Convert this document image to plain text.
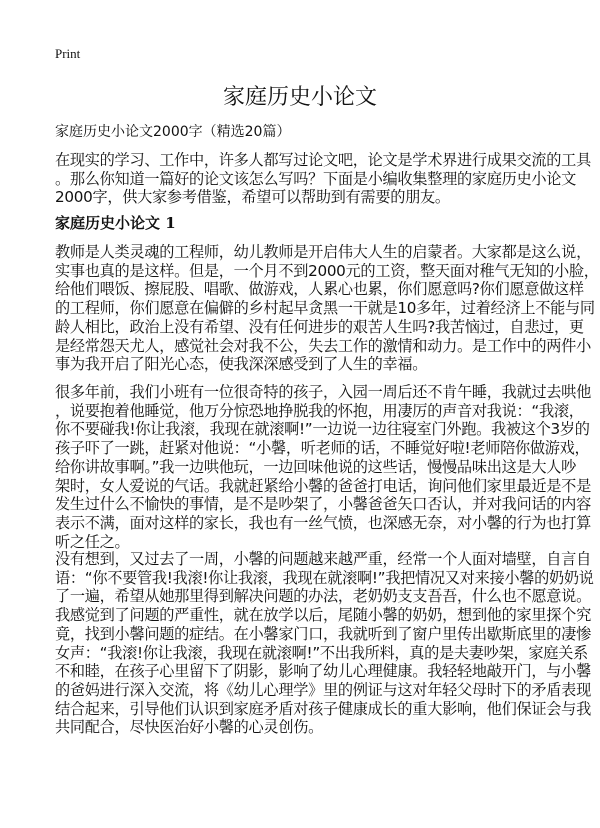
Print
家庭历史小论文
家庭历史小论文2000字（精选20篇）
在现实的学习、工作中，许多人都写过论文吧，论文是学术界进行成果交流的工具
。那么你知道一篇好的论文该怎么写吗？下面是小编收集整理的家庭历史小论文
2000字，供大家参考借鉴，希望可以帮助到有需要的朋友。
家庭历史小论文 1
教师是人类灵魂的工程师，幼儿教师是开启伟大人生的启蒙者。大家都是这么说，
实事也真的是这样。但是，一个月不到2000元的工资，整天面对稚气无知的小脸，
给他们喂饭、擦屁股、唱歌、做游戏，人累心也累，你们愿意吗?你们愿意做这样
的工程师，你们愿意在偏僻的乡村起早贪黑一干就是10多年，过着经济上不能与同
龄人相比，政治上没有希望、没有任何进步的艰苦人生吗?我苦恼过，自悲过，更
是经常怨天尤人，感觉社会对我不公，失去工作的激情和动力。是工作中的两件小
事为我开启了阳光心态，使我深深感受到了人生的幸福。
很多年前，我们小班有一位很奇特的孩子，入园一周后还不肯午睡，我就过去哄他
，说要抱着他睡觉，他万分惊恐地挣脱我的怀抱，用凄厉的声音对我说：“我滚，
你不要碰我!你让我滚，我现在就滚啊!”一边说一边往寝室门外跑。我被这个3岁的
孩子吓了一跳，赶紧对他说：“小馨，听老师的话，不睡觉好啦!老师陪你做游戏，
给你讲故事啊。”我一边哄他玩，一边回味他说的这些话，慢慢品味出这是大人吵
架时，女人爱说的气话。我就赶紧给小馨的爸爸打电话，询问他们家里最近是不是
发生过什么不愉快的事情，是不是吵架了，小馨爸爸矢口否认，并对我问话的内容
表示不满，面对这样的家长，我也有一丝气愤，也深感无奈，对小馨的行为也打算
听之任之。
没有想到，又过去了一周，小馨的问题越来越严重，经常一个人面对墙壁，自言自
语：“你不要管我!我滚!你让我滚，我现在就滚啊!”我把情况又对来接小馨的奶奶说
了一遍，希望从她那里得到解决问题的办法，老奶奶支支吾吾，什么也不愿意说。
我感觉到了问题的严重性，就在放学以后，尾随小馨的奶奶，想到他的家里探个究
竟，找到小馨问题的症结。在小馨家门口，我就听到了窗户里传出歇斯底里的凄惨
女声：“我滚!你让我滚，我现在就滚啊!”不出我所料，真的是夫妻吵架，家庭关系
不和睦，在孩子心里留下了阴影，影响了幼儿心理健康。我轻轻地敲开门，与小馨
的爸妈进行深入交流，将《幼儿心理学》里的例证与这对年轻父母时下的矛盾表现
结合起来，引导他们认识到家庭矛盾对孩子健康成长的重大影响，他们保证会与我
共同配合，尽快医治好小馨的心灵创伤。
